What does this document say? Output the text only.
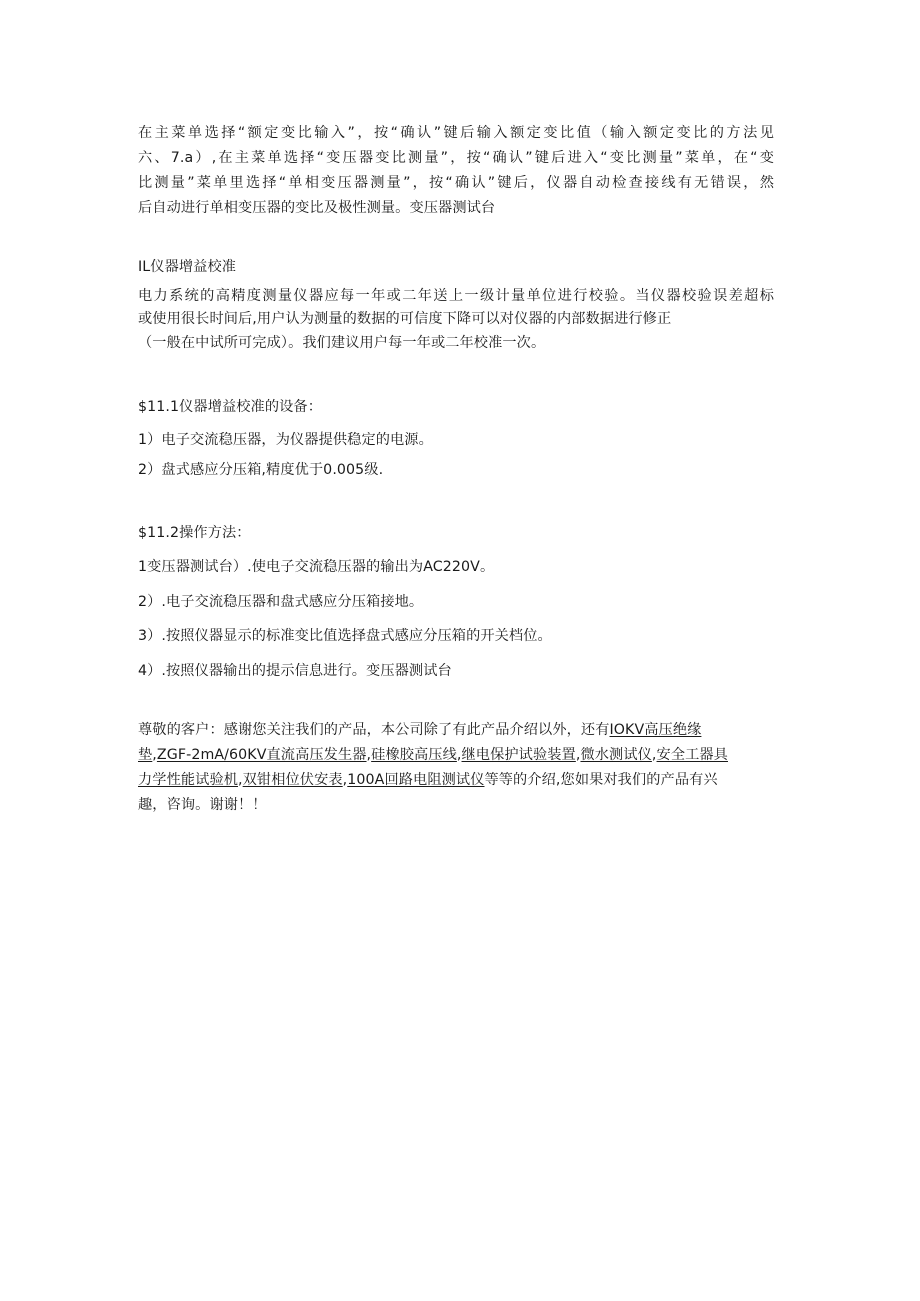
在主菜单选择“额定变比输入”，按“确认”键后输入额定变比值（输入额定变比的方法见
六、7.a）,在主菜单选择“变压器变比测量”，按“确认”键后进入“变比测量”菜单，在“变
比测量”菜单里选择“单相变压器测量”，按“确认”键后，仪器自动检查接线有无错误，然
后自动进行单相变压器的变比及极性测量。变压器测试台
IL仪器增益校准
电力系统的高精度测量仪器应每一年或二年送上一级计量单位进行校验。当仪器校验误差超标
或使用很长时间后,用户认为测量的数据的可信度下降可以对仪器的内部数据进行修正
（一般在中试所可完成）。我们建议用户每一年或二年校准一次。
$11.1仪器增益校准的设备：
1）电子交流稳压器，为仪器提供稳定的电源。
2）盘式感应分压箱,精度优于0.005级.
$11.2操作方法：
1变压器测试台）.使电子交流稳压器的输出为AC220V。
2）.电子交流稳压器和盘式感应分压箱接地。
3）.按照仪器显示的标准变比值选择盘式感应分压箱的开关档位。
4）.按照仪器输出的提示信息进行。变压器测试台
尊敬的客户：感谢您关注我们的产品，本公司除了有此产品介绍以外，还有IOKV高压绝缘
垫,ZGF-2mA/60KV直流高压发生器,硅橡胶高压线,继电保护试验装置,微水测试仪,安全工器具
力学性能试验机,双钳相位伏安表,100A回路电阻测试仪等等的介绍,您如果对我们的产品有兴
趣，咨询。谢谢！！
